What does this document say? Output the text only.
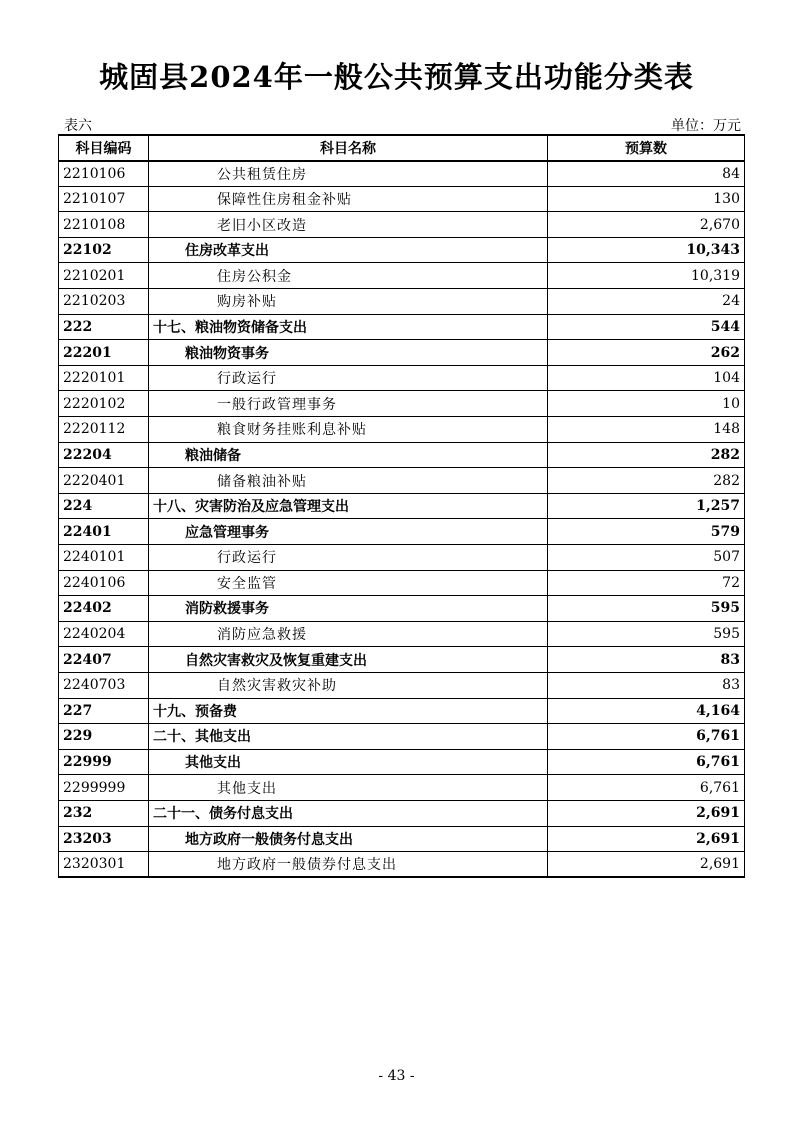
城固县2024年一般公共预算支出功能分类表
表六	单位：万元
科目编码	科目名称	预算数
2210106	公共租赁住房	84
2210107	保障性住房租金补贴	130
2210108	老旧小区改造	2,670
22102	住房改革支出	10,343
2210201	住房公积金	10,319
2210203	购房补贴	24
222	十七、粮油物资储备支出	544
22201	粮油物资事务	262
2220101	行政运行	104
2220102	一般行政管理事务	10
2220112	粮食财务挂账利息补贴	148
22204	粮油储备	282
2220401	储备粮油补贴	282
224	十八、灾害防治及应急管理支出	1,257
22401	应急管理事务	579
2240101	行政运行	507
2240106	安全监管	72
22402	消防救援事务	595
2240204	消防应急救援	595
22407	自然灾害救灾及恢复重建支出	83
2240703	自然灾害救灾补助	83
227	十九、预备费	4,164
229	二十、其他支出	6,761
22999	其他支出	6,761
2299999	其他支出	6,761
232	二十一、债务付息支出	2,691
23203	地方政府一般债务付息支出	2,691
2320301	地方政府一般债券付息支出	2,691
- 43 -
